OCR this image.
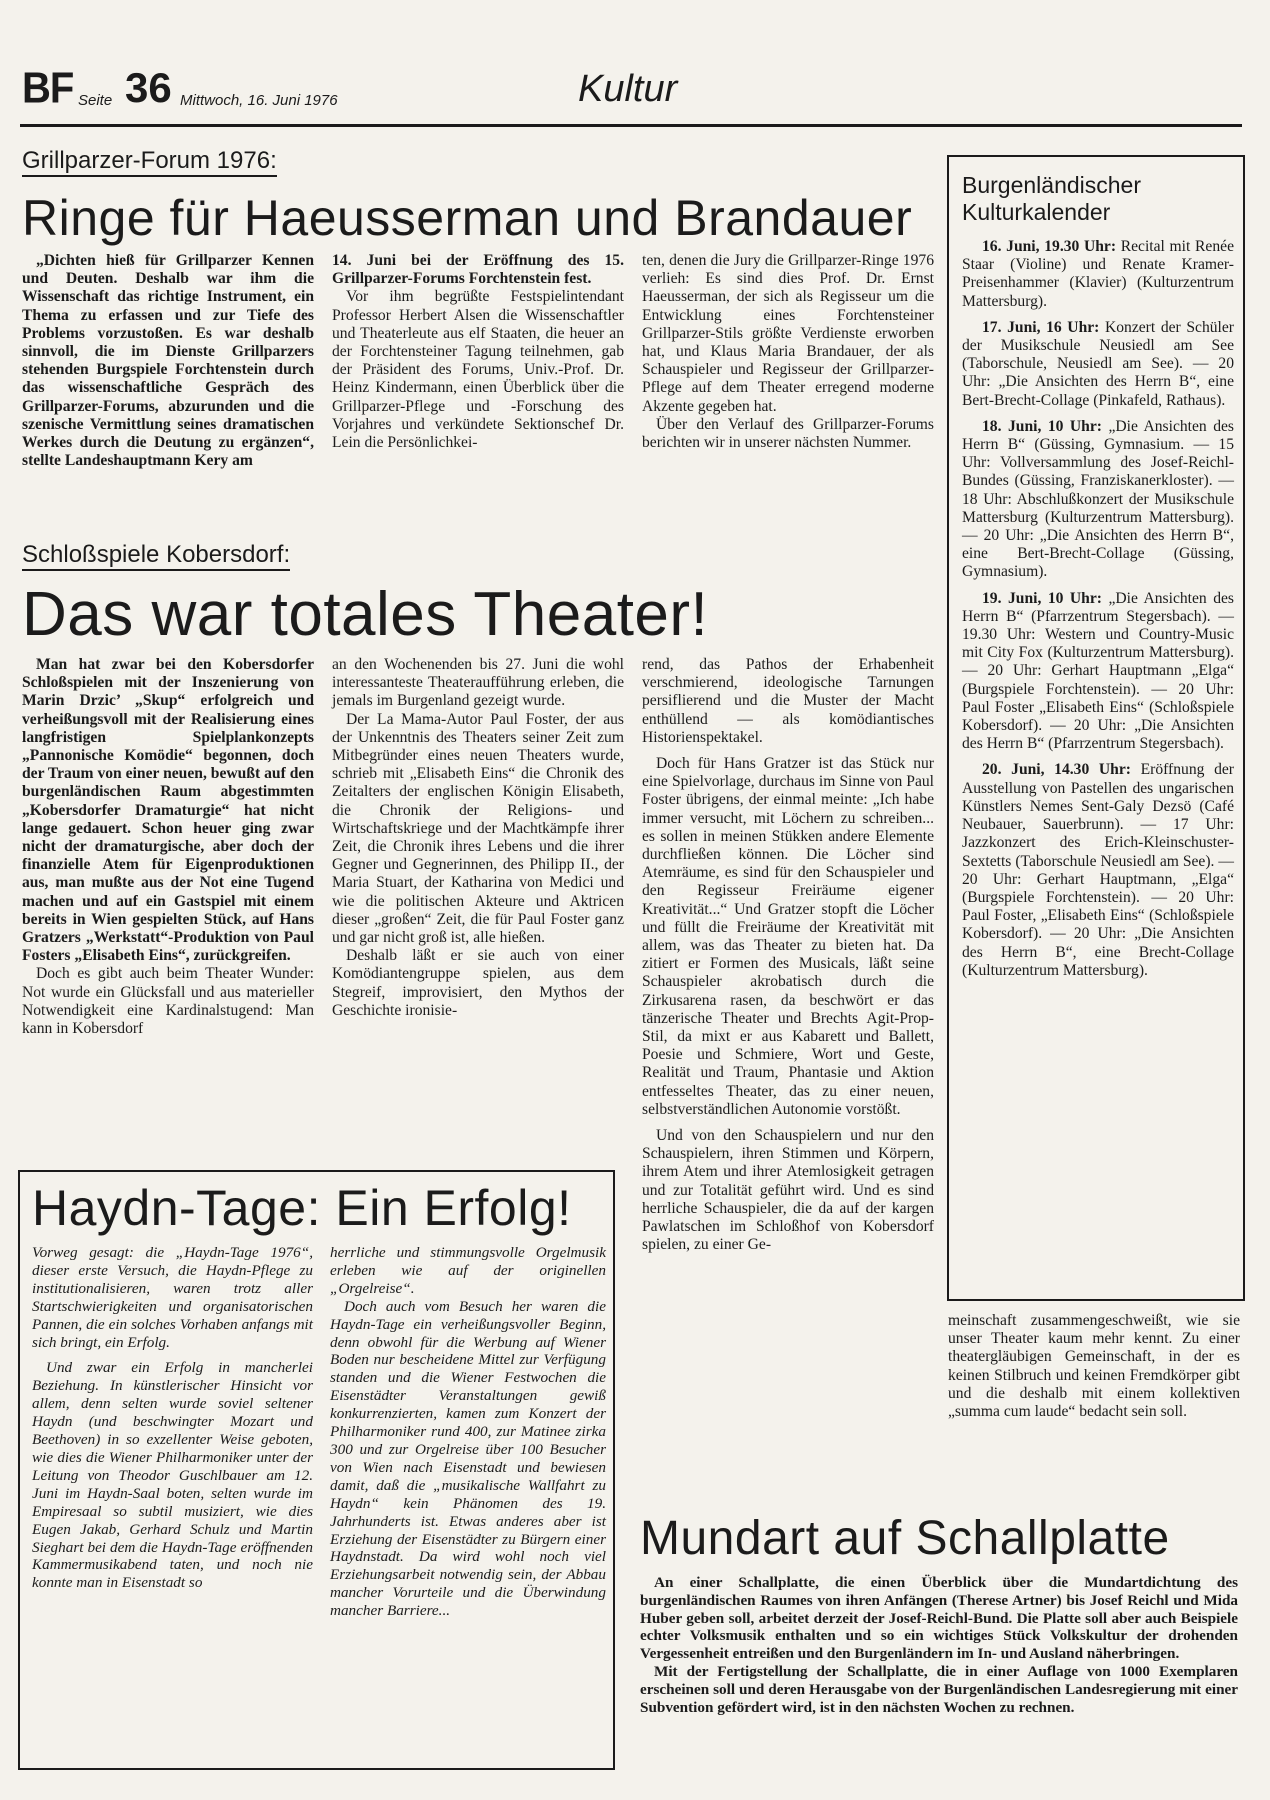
BF Seite 36 Mittwoch, 16. Juni 1976	Kultur
Grillparzer-Forum 1976:
Ringe für Haeusserman und Brandauer

„Dichten hieß für Grillparzer Kennen und Deuten. Deshalb war ihm die Wissenschaft das richtige Instrument, ein Thema zu erfassen und zur Tiefe des Problems vorzustoßen. Es war deshalb sinnvoll, die im Dienste Grillparzers stehenden Burgspiele Forchtenstein durch das wissenschaftliche Gespräch des Grillparzer-Forums, abzurunden und die szenische Vermittlung seines dramatischen Werkes durch die Deutung zu ergänzen“, stellte Landeshauptmann Kery am

14. Juni bei der Eröffnung des 15. Grillparzer-Forums Forchtenstein fest.

Vor ihm begrüßte Festspielintendant Professor Herbert Alsen die Wissenschaftler und Theaterleute aus elf Staaten, die heuer an der Forchtensteiner Tagung teilnehmen, gab der Präsident des Forums, Univ.-Prof. Dr. Heinz Kindermann, einen Überblick über die Grillparzer-Pflege und -Forschung des Vorjahres und verkündete Sektionschef Dr. Lein die Persönlichkei-

ten, denen die Jury die Grillparzer-Ringe 1976 verlieh: Es sind dies Prof. Dr. Ernst Haeusserman, der sich als Regisseur um die Entwicklung eines Forchtensteiner Grillparzer-Stils größte Verdienste erworben hat, und Klaus Maria Brandauer, der als Schauspieler und Regisseur der Grillparzer-Pflege auf dem Theater erregend moderne Akzente gegeben hat.

Über den Verlauf des Grillparzer-Forums berichten wir in unserer nächsten Nummer.

Schloßspiele Kobersdorf:
Das war totales Theater!

Man hat zwar bei den Kobersdorfer Schloßspielen mit der Inszenierung von Marin Drzic’ „Skup“ erfolgreich und verheißungsvoll mit der Realisierung eines langfristigen Spielplankonzepts „Pannonische Komödie“ begonnen, doch der Traum von einer neuen, bewußt auf den burgenländischen Raum abgestimmten „Kobersdorfer Dramaturgie“ hat nicht lange gedauert. Schon heuer ging zwar nicht der dramaturgische, aber doch der finanzielle Atem für Eigenproduktionen aus, man mußte aus der Not eine Tugend machen und auf ein Gastspiel mit einem bereits in Wien gespielten Stück, auf Hans Gratzers „Werkstatt“-Produktion von Paul Fosters „Elisabeth Eins“, zurückgreifen.

Doch es gibt auch beim Theater Wunder: Not wurde ein Glücksfall und aus materieller Notwendigkeit eine Kardinalstugend: Man kann in Kobersdorf

an den Wochenenden bis 27. Juni die wohl interessanteste Theateraufführung erleben, die jemals im Burgenland gezeigt wurde.

Der La Mama-Autor Paul Foster, der aus der Unkenntnis des Theaters seiner Zeit zum Mitbegründer eines neuen Theaters wurde, schrieb mit „Elisabeth Eins“ die Chronik des Zeitalters der englischen Königin Elisabeth, die Chronik der Religions- und Wirtschaftskriege und der Machtkämpfe ihrer Zeit, die Chronik ihres Lebens und die ihrer Gegner und Gegnerinnen, des Philipp II., der Maria Stuart, der Katharina von Medici und wie die politischen Akteure und Aktricen dieser „großen“ Zeit, die für Paul Foster ganz und gar nicht groß ist, alle hießen.

Deshalb läßt er sie auch von einer Komödiantengruppe spielen, aus dem Stegreif, improvisiert, den Mythos der Geschichte ironisie-

rend, das Pathos der Erhabenheit verschmierend, ideologische Tarnungen persiflierend und die Muster der Macht enthüllend — als komödiantisches Historienspektakel.

Doch für Hans Gratzer ist das Stück nur eine Spielvorlage, durchaus im Sinne von Paul Foster übrigens, der einmal meinte: „Ich habe immer versucht, mit Löchern zu schreiben... es sollen in meinen Stükken andere Elemente durchfließen können. Die Löcher sind Atemräume, es sind für den Schauspieler und den Regisseur Freiräume eigener Kreativität...“ Und Gratzer stopft die Löcher und füllt die Freiräume der Kreativität mit allem, was das Theater zu bieten hat. Da zitiert er Formen des Musicals, läßt seine Schauspieler akrobatisch durch die Zirkusarena rasen, da beschwört er das tänzerische Theater und Brechts Agit-Prop-Stil, da mixt er aus Kabarett und Ballett, Poesie und Schmiere, Wort und Geste, Realität und Traum, Phantasie und Aktion entfesseltes Theater, das zu einer neuen, selbstverständlichen Autonomie vorstößt.

Und von den Schauspielern und nur den Schauspielern, ihren Stimmen und Körpern, ihrem Atem und ihrer Atemlosigkeit getragen und zur Totalität geführt wird. Und es sind herrliche Schauspieler, die da auf der kargen Pawlatschen im Schloßhof von Kobersdorf spielen, zu einer Ge-

meinschaft zusammengeschweißt, wie sie unser Theater kaum mehr kennt. Zu einer theatergläubigen Gemeinschaft, in der es keinen Stilbruch und keinen Fremdkörper gibt und die deshalb mit einem kollektiven „summa cum laude“ bedacht sein soll.

Burgenländischer Kulturkalender

16. Juni, 19.30 Uhr: Recital mit Renée Staar (Violine) und Renate Kramer-Preisenhammer (Klavier) (Kulturzentrum Mattersburg).

17. Juni, 16 Uhr: Konzert der Schüler der Musikschule Neusiedl am See (Taborschule, Neusiedl am See). — 20 Uhr: „Die Ansichten des Herrn B“, eine Bert-Brecht-Collage (Pinkafeld, Rathaus).

18. Juni, 10 Uhr: „Die Ansichten des Herrn B“ (Güssing, Gymnasium. — 15 Uhr: Vollversammlung des Josef-Reichl-Bundes (Güssing, Franziskanerkloster). — 18 Uhr: Abschlußkonzert der Musikschule Mattersburg (Kulturzentrum Mattersburg). — 20 Uhr: „Die Ansichten des Herrn B“, eine Bert-Brecht-Collage (Güssing, Gymnasium).

19. Juni, 10 Uhr: „Die Ansichten des Herrn B“ (Pfarrzentrum Stegersbach). — 19.30 Uhr: Western und Country-Music mit City Fox (Kulturzentrum Mattersburg). — 20 Uhr: Gerhart Hauptmann „Elga“ (Burgspiele Forchtenstein). — 20 Uhr: Paul Foster „Elisabeth Eins“ (Schloßspiele Kobersdorf). — 20 Uhr: „Die Ansichten des Herrn B“ (Pfarrzentrum Stegersbach).

20. Juni, 14.30 Uhr: Eröffnung der Ausstellung von Pastellen des ungarischen Künstlers Nemes Sent-Galy Dezsö (Café Neubauer, Sauerbrunn). — 17 Uhr: Jazzkonzert des Erich-Kleinschuster-Sextetts (Taborschule Neusiedl am See). — 20 Uhr: Gerhart Hauptmann, „Elga“ (Burgspiele Forchtenstein). — 20 Uhr: Paul Foster, „Elisabeth Eins“ (Schloßspiele Kobersdorf). — 20 Uhr: „Die Ansichten des Herrn B“, eine Brecht-Collage (Kulturzentrum Mattersburg).

Haydn-Tage: Ein Erfolg!

Vorweg gesagt: die „Haydn-Tage 1976“, dieser erste Versuch, die Haydn-Pflege zu institutionalisieren, waren trotz aller Startschwierigkeiten und organisatorischen Pannen, die ein solches Vorhaben anfangs mit sich bringt, ein Erfolg.

Und zwar ein Erfolg in mancherlei Beziehung. In künstlerischer Hinsicht vor allem, denn selten wurde soviel seltener Haydn (und beschwingter Mozart und Beethoven) in so exzellenter Weise geboten, wie dies die Wiener Philharmoniker unter der Leitung von Theodor Guschlbauer am 12. Juni im Haydn-Saal boten, selten wurde im Empiresaal so subtil musiziert, wie dies Eugen Jakab, Gerhard Schulz und Martin Sieghart bei dem die Haydn-Tage eröffnenden Kammermusikabend taten, und noch nie konnte man in Eisenstadt so

herrliche und stimmungsvolle Orgelmusik erleben wie auf der originellen „Orgelreise“.

Doch auch vom Besuch her waren die Haydn-Tage ein verheißungsvoller Beginn, denn obwohl für die Werbung auf Wiener Boden nur bescheidene Mittel zur Verfügung standen und die Wiener Festwochen die Eisenstädter Veranstaltungen gewiß konkurrenzierten, kamen zum Konzert der Philharmoniker rund 400, zur Matinee zirka 300 und zur Orgelreise über 100 Besucher von Wien nach Eisenstadt und bewiesen damit, daß die „musikalische Wallfahrt zu Haydn“ kein Phänomen des 19. Jahrhunderts ist. Etwas anderes aber ist Erziehung der Eisenstädter zu Bürgern einer Haydnstadt. Da wird wohl noch viel Erziehungsarbeit notwendig sein, der Abbau mancher Vorurteile und die Überwindung mancher Barriere...

Mundart auf Schallplatte

An einer Schallplatte, die einen Überblick über die Mundartdichtung des burgenländischen Raumes von ihren Anfängen (Therese Artner) bis Josef Reichl und Mida Huber geben soll, arbeitet derzeit der Josef-Reichl-Bund. Die Platte soll aber auch Beispiele echter Volksmusik enthalten und so ein wichtiges Stück Volkskultur der drohenden Vergessenheit entreißen und den Burgenländern im In- und Ausland näherbringen.

Mit der Fertigstellung der Schallplatte, die in einer Auflage von 1000 Exemplaren erscheinen soll und deren Herausgabe von der Burgenländischen Landesregierung mit einer Subvention gefördert wird, ist in den nächsten Wochen zu rechnen.
